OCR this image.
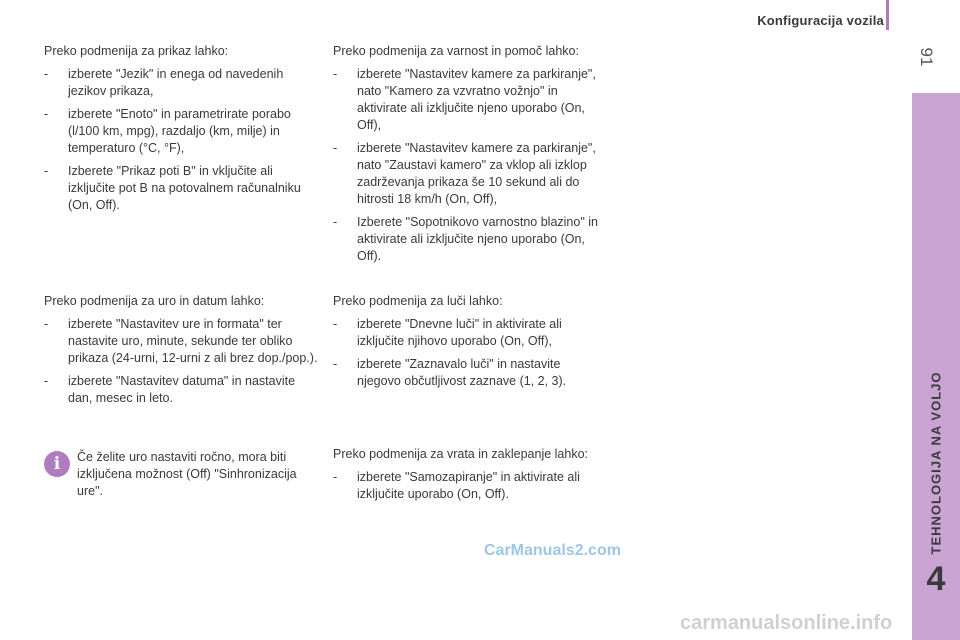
Konfiguracija vozila
91
TEHNOLOGIJA NA VOLJO
4

Preko podmenija za prikaz lahko:

- izberete "Jezik" in enega od navedenih jezikov prikaza,
- izberete "Enoto" in parametrirate porabo (l/100 km, mpg), razdaljo (km, milje) in temperaturo (°C, °F),
- Izberete "Prikaz poti B" in vključite ali izključite pot B na potovalnem računalniku (On, Off).

Preko podmenija za varnost in pomoč lahko:

- izberete "Nastavitev kamere za parkiranje", nato "Kamero za vzvratno vožnjo" in aktivirate ali izključite njeno uporabo (On, Off),
- izberete "Nastavitev kamere za parkiranje", nato "Zaustavi kamero" za vklop ali izklop zadrževanja prikaza še 10 sekund ali do hitrosti 18 km/h (On, Off),
- Izberete "Sopotnikovo varnostno blazino" in aktivirate ali izključite njeno uporabo (On, Off).

Preko podmenija za uro in datum lahko:

- izberete "Nastavitev ure in formata" ter nastavite uro, minute, sekunde ter obliko prikaza (24-urni, 12-urni z ali brez dop./pop.).
- izberete "Nastavitev datuma" in nastavite dan, mesec in leto.

Preko podmenija za luči lahko:

- izberete "Dnevne luči" in aktivirate ali izključite njihovo uporabo (On, Off),
- izberete "Zaznavalo luči" in nastavite njegovo občutljivost zaznave (1, 2, 3).
i	Če želite uro nastaviti ročno, mora biti izključena možnost (Off) "Sinhronizacija ure".

Preko podmenija za vrata in zaklepanje lahko:

- izberete "Samozapiranje" in aktivirate ali izključite uporabo (On, Off).
CarManuals2.com
carmanualsonline.info
